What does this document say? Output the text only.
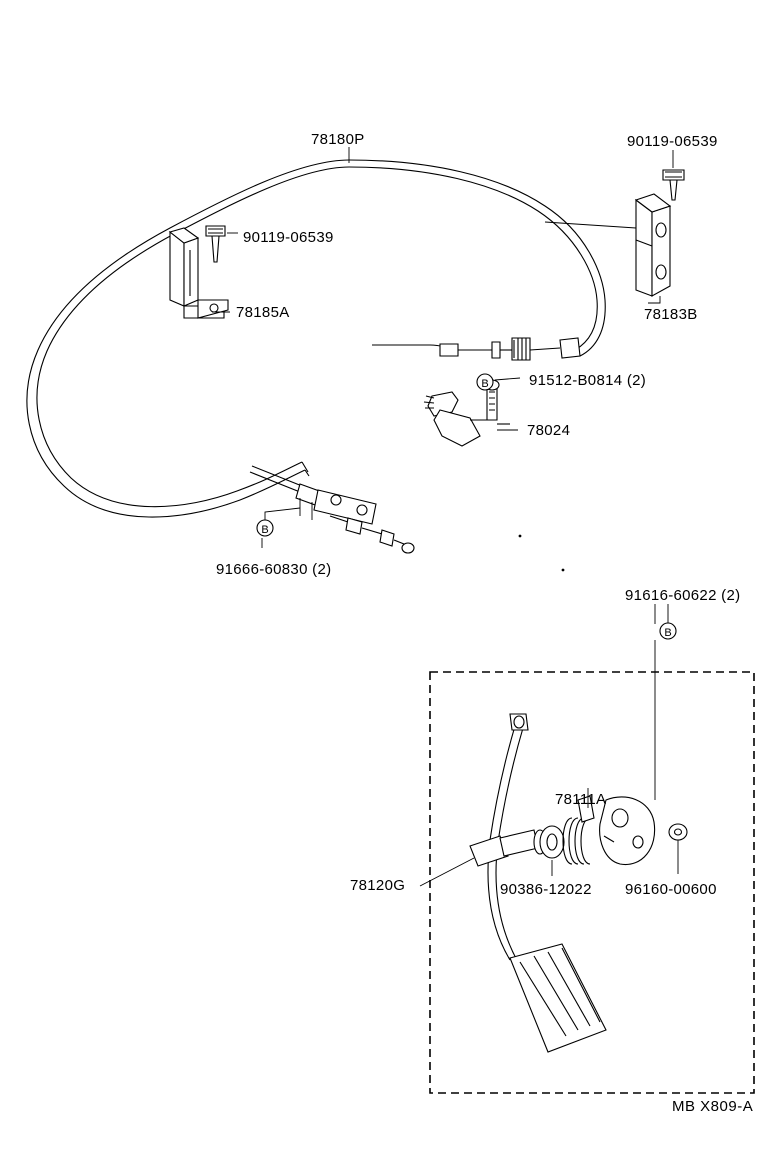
B
B
B
78180P	90119-06539
90119-06539
78185A	78183B
91512-B0814 (2)
78024
91666-60830 (2)
91616-60622 (2)
78111A
96160-00600
90386-12022
78120G
MB X809-A
